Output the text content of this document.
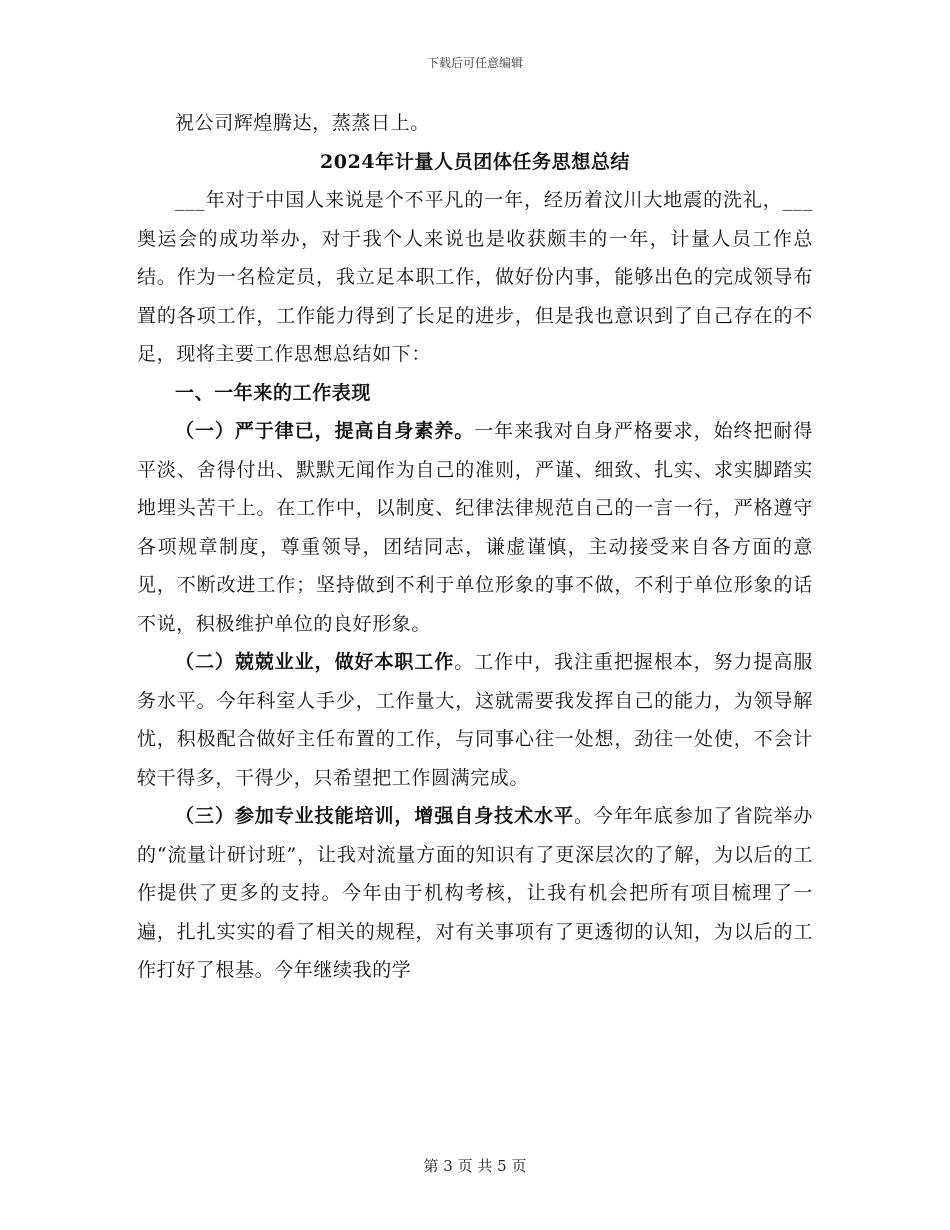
下载后可任意编辑

祝公司辉煌腾达，蒸蒸日上。

2024年计量人员团体任务思想总结

___年对于中国人来说是个不平凡的一年，经历着汶川大地震的洗礼，___奥运会的成功举办，对于我个人来说也是收获颇丰的一年，计量人员工作总结。作为一名检定员，我立足本职工作，做好份内事，能够出色的完成领导布置的各项工作，工作能力得到了长足的进步，但是我也意识到了自己存在的不足，现将主要工作思想总结如下：

一、一年来的工作表现

（一）严于律已，提高自身素养。一年来我对自身严格要求，始终把耐得平淡、舍得付出、默默无闻作为自己的准则，严谨、细致、扎实、求实脚踏实地埋头苦干上。在工作中，以制度、纪律法律规范自己的一言一行，严格遵守各项规章制度，尊重领导，团结同志，谦虚谨慎，主动接受来自各方面的意见，不断改进工作；坚持做到不利于单位形象的事不做，不利于单位形象的话不说，积极维护单位的良好形象。

（二）兢兢业业，做好本职工作。工作中，我注重把握根本，努力提高服务水平。今年科室人手少，工作量大，这就需要我发挥自己的能力，为领导解忧，积极配合做好主任布置的工作，与同事心往一处想，劲往一处使，不会计较干得多，干得少，只希望把工作圆满完成。

（三）参加专业技能培训，增强自身技术水平。今年年底参加了省院举办的“流量计研讨班”，让我对流量方面的知识有了更深层次的了解，为以后的工作提供了更多的支持。今年由于机构考核，让我有机会把所有项目梳理了一遍，扎扎实实的看了相关的规程，对有关事项有了更透彻的认知，为以后的工作打好了根基。今年继续我的学

第 3 页 共 5 页
